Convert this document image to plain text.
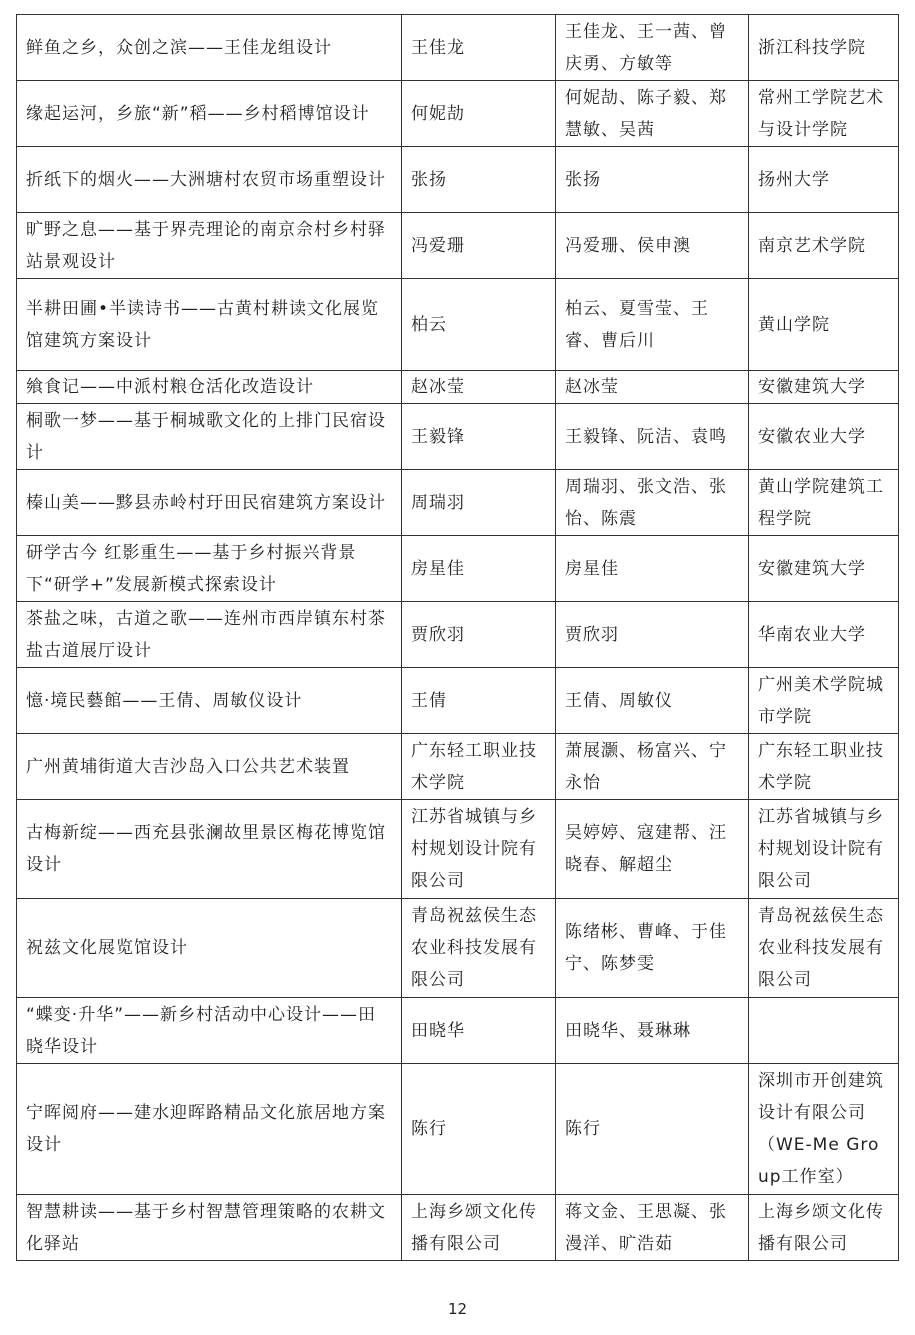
鲜鱼之乡，众创之滨——王佳龙组设计	王佳龙	王佳龙、王一茜、曾庆勇、方敏等	浙江科技学院
缘起运河，乡旅“新”稻——乡村稻博馆设计	何妮劼	何妮劼、陈子毅、郑慧敏、吴茜	常州工学院艺术与设计学院
折纸下的烟火——大洲塘村农贸市场重塑设计	张扬	张扬	扬州大学
旷野之息——基于界壳理论的南京佘村乡村驿站景观设计	冯爱珊	冯爱珊、侯申澳	南京艺术学院
半耕田圃•半读诗书——古黄村耕读文化展览馆建筑方案设计	柏云	柏云、夏雪莹、王睿、曹后川	黄山学院
飨食记——中派村粮仓活化改造设计	赵冰莹	赵冰莹	安徽建筑大学
桐歌一梦——基于桐城歌文化的上排门民宿设计	王毅锋	王毅锋、阮洁、袁鸣	安徽农业大学
榛山美——黟县赤岭村玗田民宿建筑方案设计	周瑞羽	周瑞羽、张文浩、张怡、陈震	黄山学院建筑工程学院
研学古今 红影重生——基于乡村振兴背景下“研学+”发展新模式探索设计	房星佳	房星佳	安徽建筑大学
茶盐之味，古道之歌——连州市西岸镇东村茶盐古道展厅设计	贾欣羽	贾欣羽	华南农业大学
憶·境民藝館——王倩、周敏仪设计	王倩	王倩、周敏仪	广州美术学院城市学院
广州黄埔街道大吉沙岛入口公共艺术装置	广东轻工职业技术学院	萧展灏、杨富兴、宁永怡	广东轻工职业技术学院
古梅新绽——西充县张澜故里景区梅花博览馆设计	江苏省城镇与乡村规划设计院有限公司	吴婷婷、寇建帮、汪晓春、解超尘	江苏省城镇与乡村规划设计院有限公司
祝兹文化展览馆设计	青岛祝兹侯生态农业科技发展有限公司	陈绪彬、曹峰、于佳宁、陈梦雯	青岛祝兹侯生态农业科技发展有限公司
“蝶变·升华”——新乡村活动中心设计——田晓华设计	田晓华	田晓华、聂琳琳	
宁晖阅府——建水迎晖路精品文化旅居地方案设计	陈行	陈行	深圳市开创建筑设计有限公司（WE-Me Group工作室）
智慧耕读——基于乡村智慧管理策略的农耕文化驿站	上海乡颂文化传播有限公司	蒋文金、王思凝、张漫洋、旷浩茹	上海乡颂文化传播有限公司
12
